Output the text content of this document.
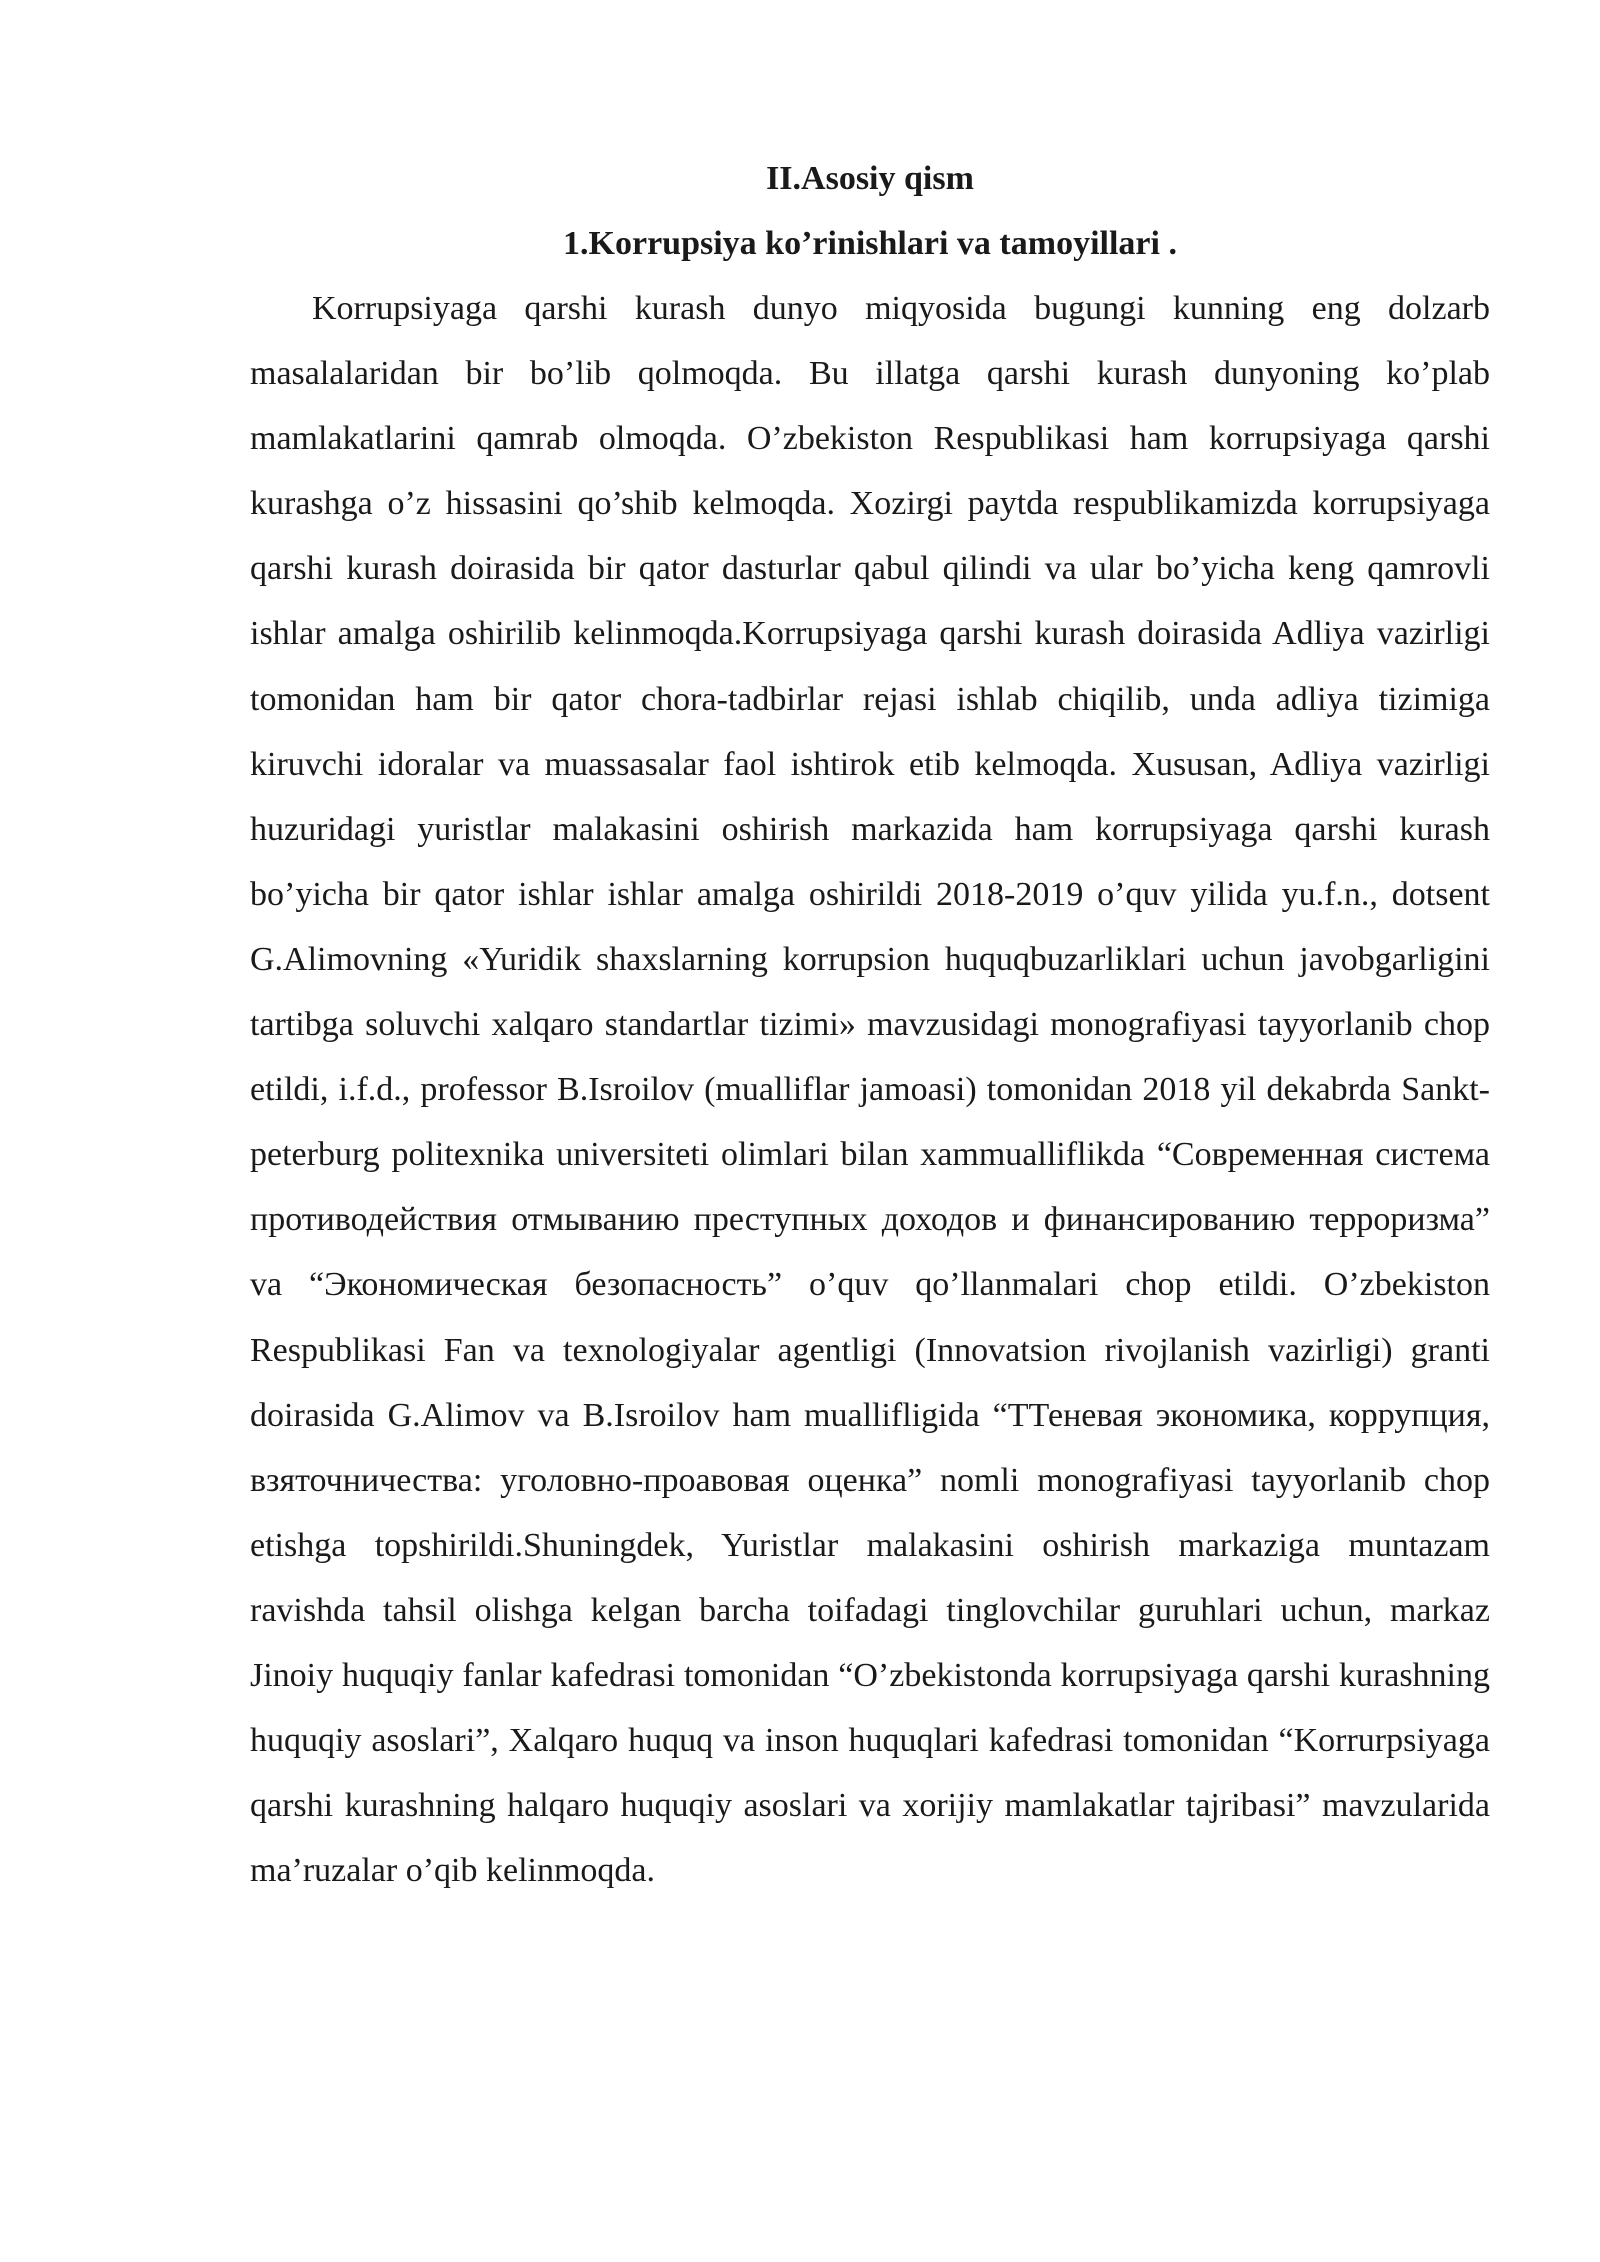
II.Asosiy qism
1.Korrupsiya ko’rinishlari va tamoyillari .

Korrupsiyaga qarshi kurash dunyo miqyosida bugungi kunning eng dolzarb masalalaridan bir bo’lib qolmoqda. Bu illatga qarshi kurash dunyoning ko’plab mamlakatlarini qamrab olmoqda. O’zbekiston Respublikasi ham korrupsiyaga qarshi kurashga o’z hissasini qo’shib kelmoqda. Xozirgi paytda respublikamizda korrupsiyaga qarshi kurash doirasida bir qator dasturlar qabul qilindi va ular bo’yicha keng qamrovli ishlar amalga oshirilib kelinmoqda.Korrupsiyaga qarshi kurash doirasida Adliya vazirligi tomonidan ham bir qator chora-tadbirlar rejasi ishlab chiqilib, unda adliya tizimiga kiruvchi idoralar va muassasalar faol ishtirok etib kelmoqda. Xususan, Adliya vazirligi huzuridagi yuristlar malakasini oshirish markazida ham korrupsiyaga qarshi kurash bo’yicha bir qator ishlar ishlar amalga oshirildi 2018-2019 o’quv yilida yu.f.n., dotsent G.Alimovning «Yuridik shaxslarning korrupsion huquqbuzarliklari uchun javobgarligini tartibga soluvchi xalqaro standartlar tizimi» mavzusidagi monografiyasi tayyorlanib chop etildi, i.f.d., professor B.Isroilov (mualliflar jamoasi) tomonidan 2018 yil dekabrda Sankt-peterburg politexnika universiteti olimlari bilan xammualliflikda “Современная система противодействия отмыванию преступных доходов и финансированию терроризма” va “Экономическая безопасность” o’quv qo’llanmalari chop etildi. O’zbekiston Respublikasi Fan va texnologiyalar agentligi (Innovatsion rivojlanish vazirligi) granti doirasida G.Alimov va B.Isroilov ham muallifligida “ТТеневая экономика, коррупция, взяточничества: уголовно-проавовая оценка” nomli monografiyasi tayyorlanib chop etishga topshirildi.Shuningdek, Yuristlar malakasini oshirish markaziga muntazam ravishda tahsil olishga kelgan barcha toifadagi tinglovchilar guruhlari uchun, markaz Jinoiy huquqiy fanlar kafedrasi tomonidan “O’zbekistonda korrupsiyaga qarshi kurashning huquqiy asoslari”, Xalqaro huquq va inson huquqlari kafedrasi tomonidan “Korrurpsiyaga qarshi kurashning halqaro huquqiy asoslari va xorijiy mamlakatlar tajribasi” mavzularida ma’ruzalar o’qib kelinmoqda.
